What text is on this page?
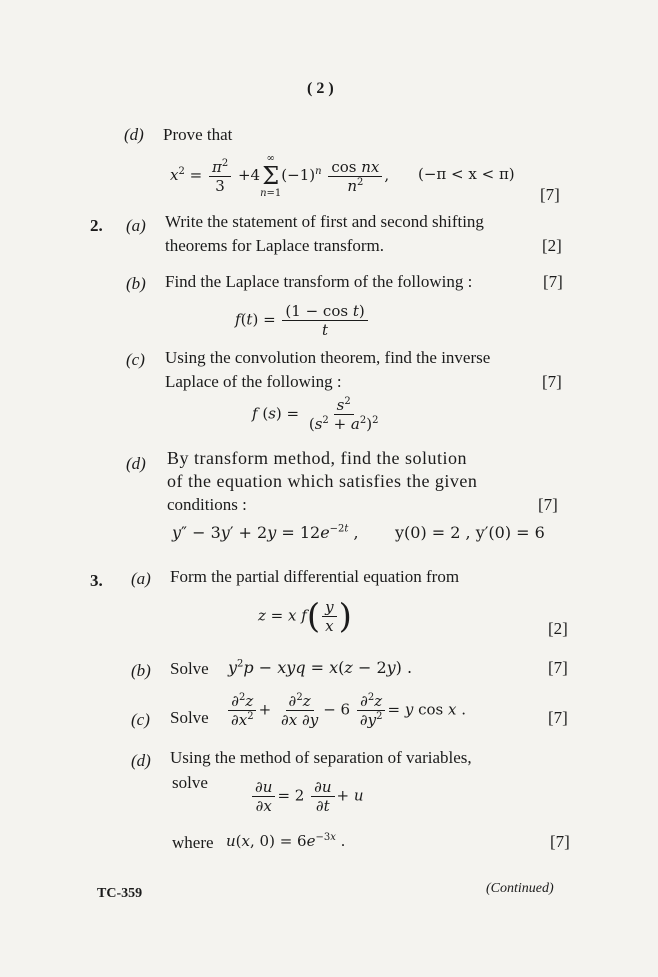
( 2 )
(d) Prove that
$x^2 = \frac{\pi^2}{3} +4$
∞
Σ
n=1
$(-1)^n \frac{\text{cos nx}}{n^2}$ , (−π < x < π)
[7]
2. (a) Write the statement of first and second shifting
theorems for Laplace transform.	[2]
(b) Find the Laplace transform of the following :	[7]
$f(t) = \frac{\text{(1 − cos t)}}{t}$
(c) Using the convolution theorem, find the inverse
Laplace of the following :	[7]
f $(s) = \frac{s^2}{(s^2 + a^2)^2}$
(d) By transform method, find the solution
of the equation which satisfies the given
conditions :	[7]
$y'' - 3y' + 2y = 12e^{-2t}$ , y(0) = 2 , y′(0) = 6
3. (a) Form the partial differential equation from
z = x $f( \frac{y}{x}$ )	[2]
(b) Solve $y^2p$ − xyq = x(z − 2y) .	[7]
(c) Solve $\frac{\partial^2z}{\partial x^2} + \frac{\partial^2z}{\partial x \partial y} - 6 \frac{\partial^2z}{\partial y^2} = y$ cos x .	[7]
(d) Using the method of separation of variables,
solve	$\frac{\partial u}{\partial x} = 2 \frac{\partial u}{\partial t} + u$
where u(x, $0) = 6e^{-3x}$ .	[7]
TC-359	(Continued)
